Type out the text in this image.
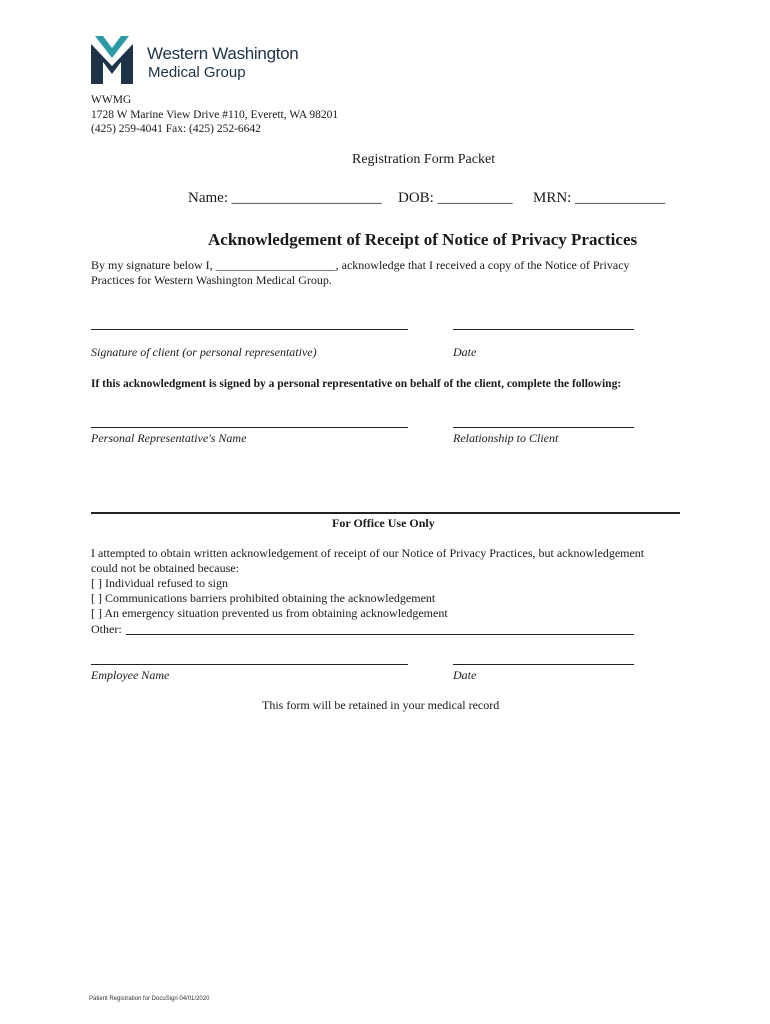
Western Washington
Medical Group
WWMG
1728 W Marine View Drive #110, Everett, WA 98201
(425) 259-4041 Fax: (425) 252-6642
Registration Form Packet
Name: ____________________ DOB: __________ MRN: ____________
Acknowledgement of Receipt of Notice of Privacy Practices
By my signature below I, ____________________, acknowledge that I received a copy of the Notice of Privacy
Practices for Western Washington Medical Group.
Signature of client (or personal representative)	Date
If this acknowledgment is signed by a personal representative on behalf of the client, complete the following:
Personal Representative's Name	Relationship to Client
For Office Use Only
I attempted to obtain written acknowledgement of receipt of our Notice of Privacy Practices, but acknowledgement
could not be obtained because:
[ ] Individual refused to sign
[ ] Communications barriers prohibited obtaining the acknowledgement
[ ] An emergency situation prevented us from obtaining acknowledgement
Other:
Employee Name	Date
This form will be retained in your medical record
Patient Registration for DocuSign 04/01/2020
